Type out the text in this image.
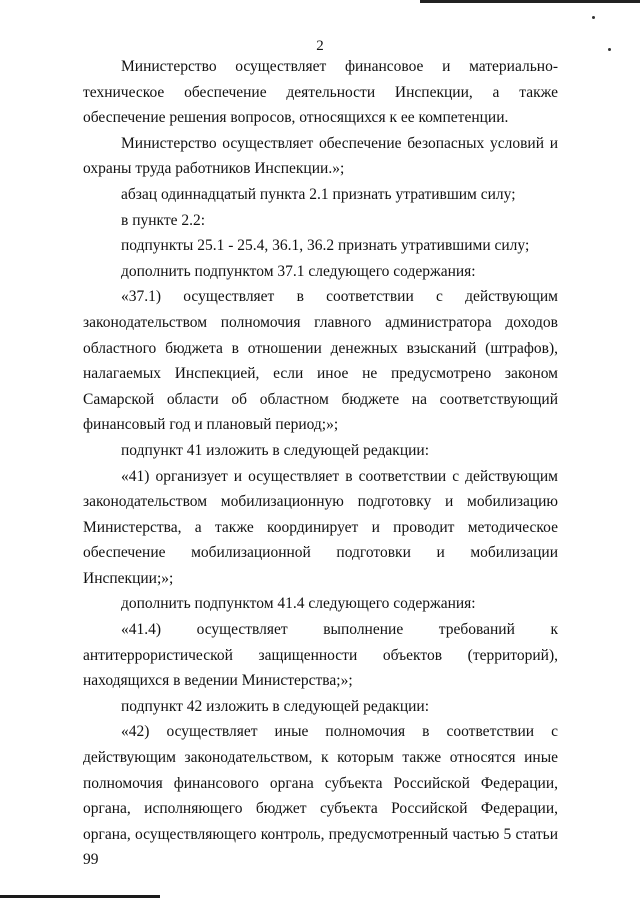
2

Министерство осуществляет финансовое и материально-техническое обеспечение деятельности Инспекции, а также обеспечение решения вопросов, относящихся к ее компетенции.

Министерство осуществляет обеспечение безопасных условий и охраны труда работников Инспекции.»;

абзац одиннадцатый пункта 2.1 признать утратившим силу;

в пункте 2.2:

подпункты 25.1 - 25.4, 36.1, 36.2 признать утратившими силу;

дополнить подпунктом 37.1 следующего содержания:

«37.1) осуществляет в соответствии с действующим законодательством полномочия главного администратора доходов областного бюджета в отношении денежных взысканий (штрафов), налагаемых Инспекцией, если иное не предусмотрено законом Самарской области об областном бюджете на соответствующий финансовый год и плановый период;»;

подпункт 41 изложить в следующей редакции:

«41) организует и осуществляет в соответствии с действующим законодательством мобилизационную подготовку и мобилизацию Министерства, а также координирует и проводит методическое обеспечение мобилизационной подготовки и мобилизации Инспекции;»;

дополнить подпунктом 41.4 следующего содержания:

«41.4) осуществляет выполнение требований к антитеррористической защищенности объектов (территорий), находящихся в ведении Министерства;»;

подпункт 42 изложить в следующей редакции:

«42) осуществляет иные полномочия в соответствии с действующим законодательством, к которым также относятся иные полномочия финансового органа субъекта Российской Федерации, органа, исполняющего бюджет субъекта Российской Федерации, органа, осуществляющего контроль, предусмотренный частью 5 статьи 99
